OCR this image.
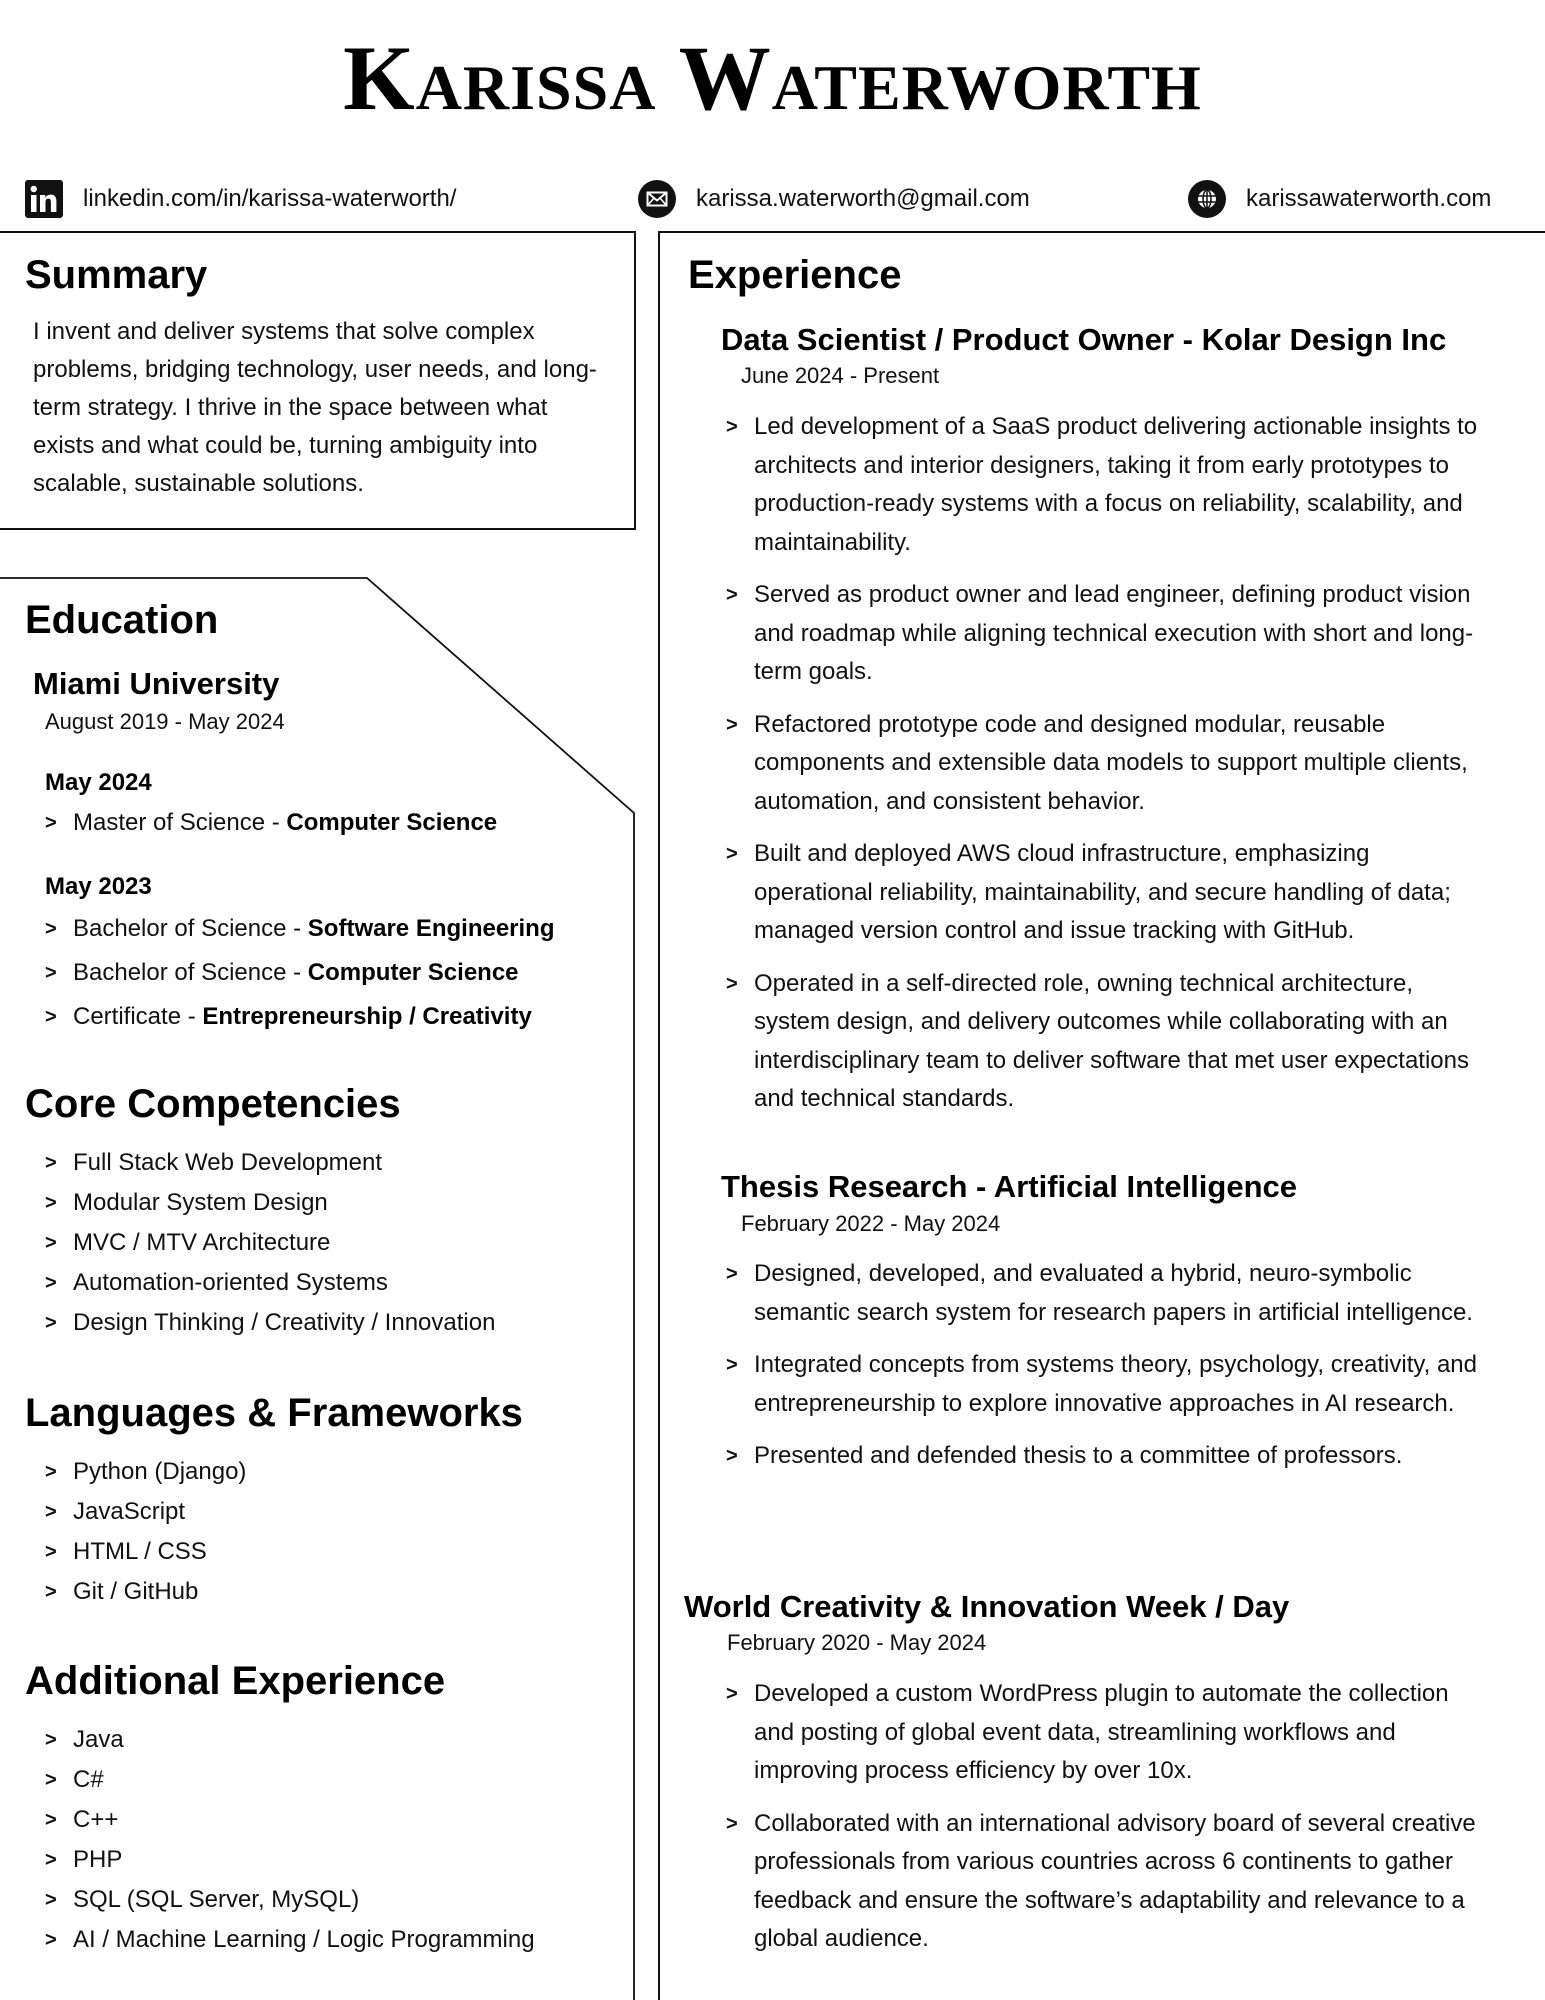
Karissa Waterworth
linkedin.com/in/karissa-waterworth/	karissa.waterworth@gmail.com	karissawaterworth.com
Summary
I invent and deliver systems that solve complex problems, bridging technology, user needs, and long-term strategy. I thrive in the space between what exists and what could be, turning ambiguity into scalable, sustainable solutions.
Education
Miami University
August 2019 - May 2024
May 2024
> Master of Science - Computer Science
May 2023
> Bachelor of Science - Software Engineering
> Bachelor of Science - Computer Science
> Certificate - Entrepreneurship / Creativity
Core Competencies
> Full Stack Web Development
> Modular System Design
> MVC / MTV Architecture
> Automation-oriented Systems
> Design Thinking / Creativity / Innovation
Languages & Frameworks
> Python (Django)
> JavaScript
> HTML / CSS
> Git / GitHub
Additional Experience
> Java
> C#
> C++
> PHP
> SQL (SQL Server, MySQL)
> AI / Machine Learning / Logic Programming
Experience
Data Scientist / Product Owner - Kolar Design Inc
June 2024 - Present
> Led development of a SaaS product delivering actionable insights to architects and interior designers, taking it from early prototypes to production-ready systems with a focus on reliability, scalability, and maintainability.
> Served as product owner and lead engineer, defining product vision and roadmap while aligning technical execution with short and long-term goals.
> Refactored prototype code and designed modular, reusable components and extensible data models to support multiple clients, automation, and consistent behavior.
> Built and deployed AWS cloud infrastructure, emphasizing operational reliability, maintainability, and secure handling of data; managed version control and issue tracking with GitHub.
> Operated in a self-directed role, owning technical architecture, system design, and delivery outcomes while collaborating with an interdisciplinary team to deliver software that met user expectations and technical standards.
Thesis Research - Artificial Intelligence
February 2022 - May 2024
> Designed, developed, and evaluated a hybrid, neuro-symbolic semantic search system for research papers in artificial intelligence.
> Integrated concepts from systems theory, psychology, creativity, and entrepreneurship to explore innovative approaches in AI research.
> Presented and defended thesis to a committee of professors.
World Creativity & Innovation Week / Day
February 2020 - May 2024
> Developed a custom WordPress plugin to automate the collection and posting of global event data, streamlining workflows and improving process efficiency by over 10x.
> Collaborated with an international advisory board of several creative professionals from various countries across 6 continents to gather feedback and ensure the software’s adaptability and relevance to a global audience.
